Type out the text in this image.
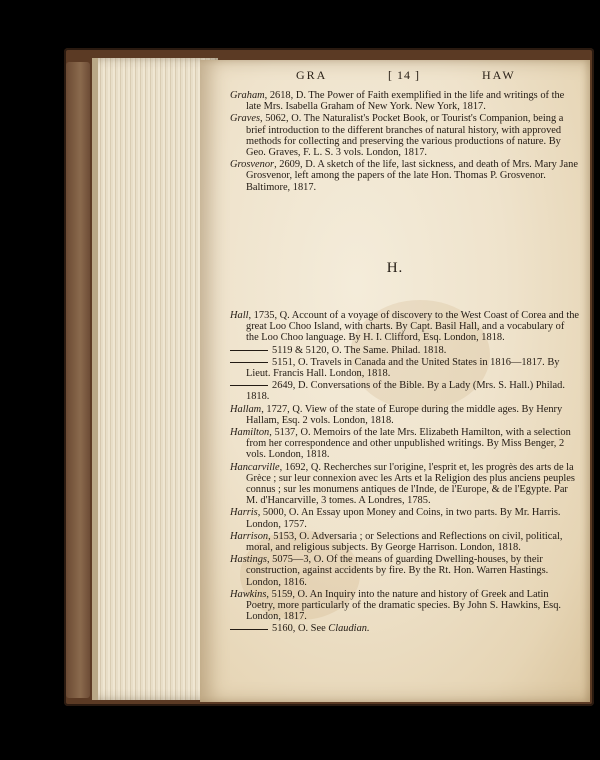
GRA	[ 14 ]	HAW
Graham, 2618, D. The Power of Faith exemplified in the life and writings of the late Mrs. Isabella Graham of New York. New York, 1817.
Graves, 5062, O. The Naturalist's Pocket Book, or Tourist's Companion, being a brief introduction to the different branches of natural history, with approved methods for collecting and preserving the various productions of nature. By Geo. Graves, F. L. S. 3 vols. London, 1817.
Grosvenor, 2609, D. A sketch of the life, last sickness, and death of Mrs. Mary Jane Grosvenor, left among the papers of the late Hon. Thomas P. Grosvenor. Baltimore, 1817.
H.
Hall, 1735, Q. Account of a voyage of discovery to the West Coast of Corea and the great Loo Choo Island, with charts. By Capt. Basil Hall, and a vocabulary of the Loo Choo language. By H. I. Clifford, Esq. London, 1818.
5119 & 5120, O. The Same. Philad. 1818.
5151, O. Travels in Canada and the United States in 1816—1817. By Lieut. Francis Hall. London, 1818.
2649, D. Conversations of the Bible. By a Lady (Mrs. S. Hall.) Philad. 1818.
Hallam, 1727, Q. View of the state of Europe during the middle ages. By Henry Hallam, Esq. 2 vols. London, 1818.
Hamilton, 5137, O. Memoirs of the late Mrs. Elizabeth Hamilton, with a selection from her correspondence and other unpublished writings. By Miss Benger, 2 vols. London, 1818.
Hancarville, 1692, Q. Recherches sur l'origine, l'esprit et, les progrès des arts de la Grèce ; sur leur connexion avec les Arts et la Religion des plus anciens peuples connus ; sur les monumens antiques de l'Inde, de l'Europe, & de l'Egypte. Par M. d'Hancarville, 3 tomes. A Londres, 1785.
Harris, 5000, O. An Essay upon Money and Coins, in two parts. By Mr. Harris. London, 1757.
Harrison, 5153, O. Adversaria ; or Selections and Reflections on civil, political, moral, and religious subjects. By George Harrison. London, 1818.
Hastings, 5075—3, O. Of the means of guarding Dwelling-houses, by their construction, against accidents by fire. By the Rt. Hon. Warren Hastings. London, 1816.
Hawkins, 5159, O. An Inquiry into the nature and history of Greek and Latin Poetry, more particularly of the dramatic species. By John S. Hawkins, Esq. London, 1817.
5160, O. See Claudian.
